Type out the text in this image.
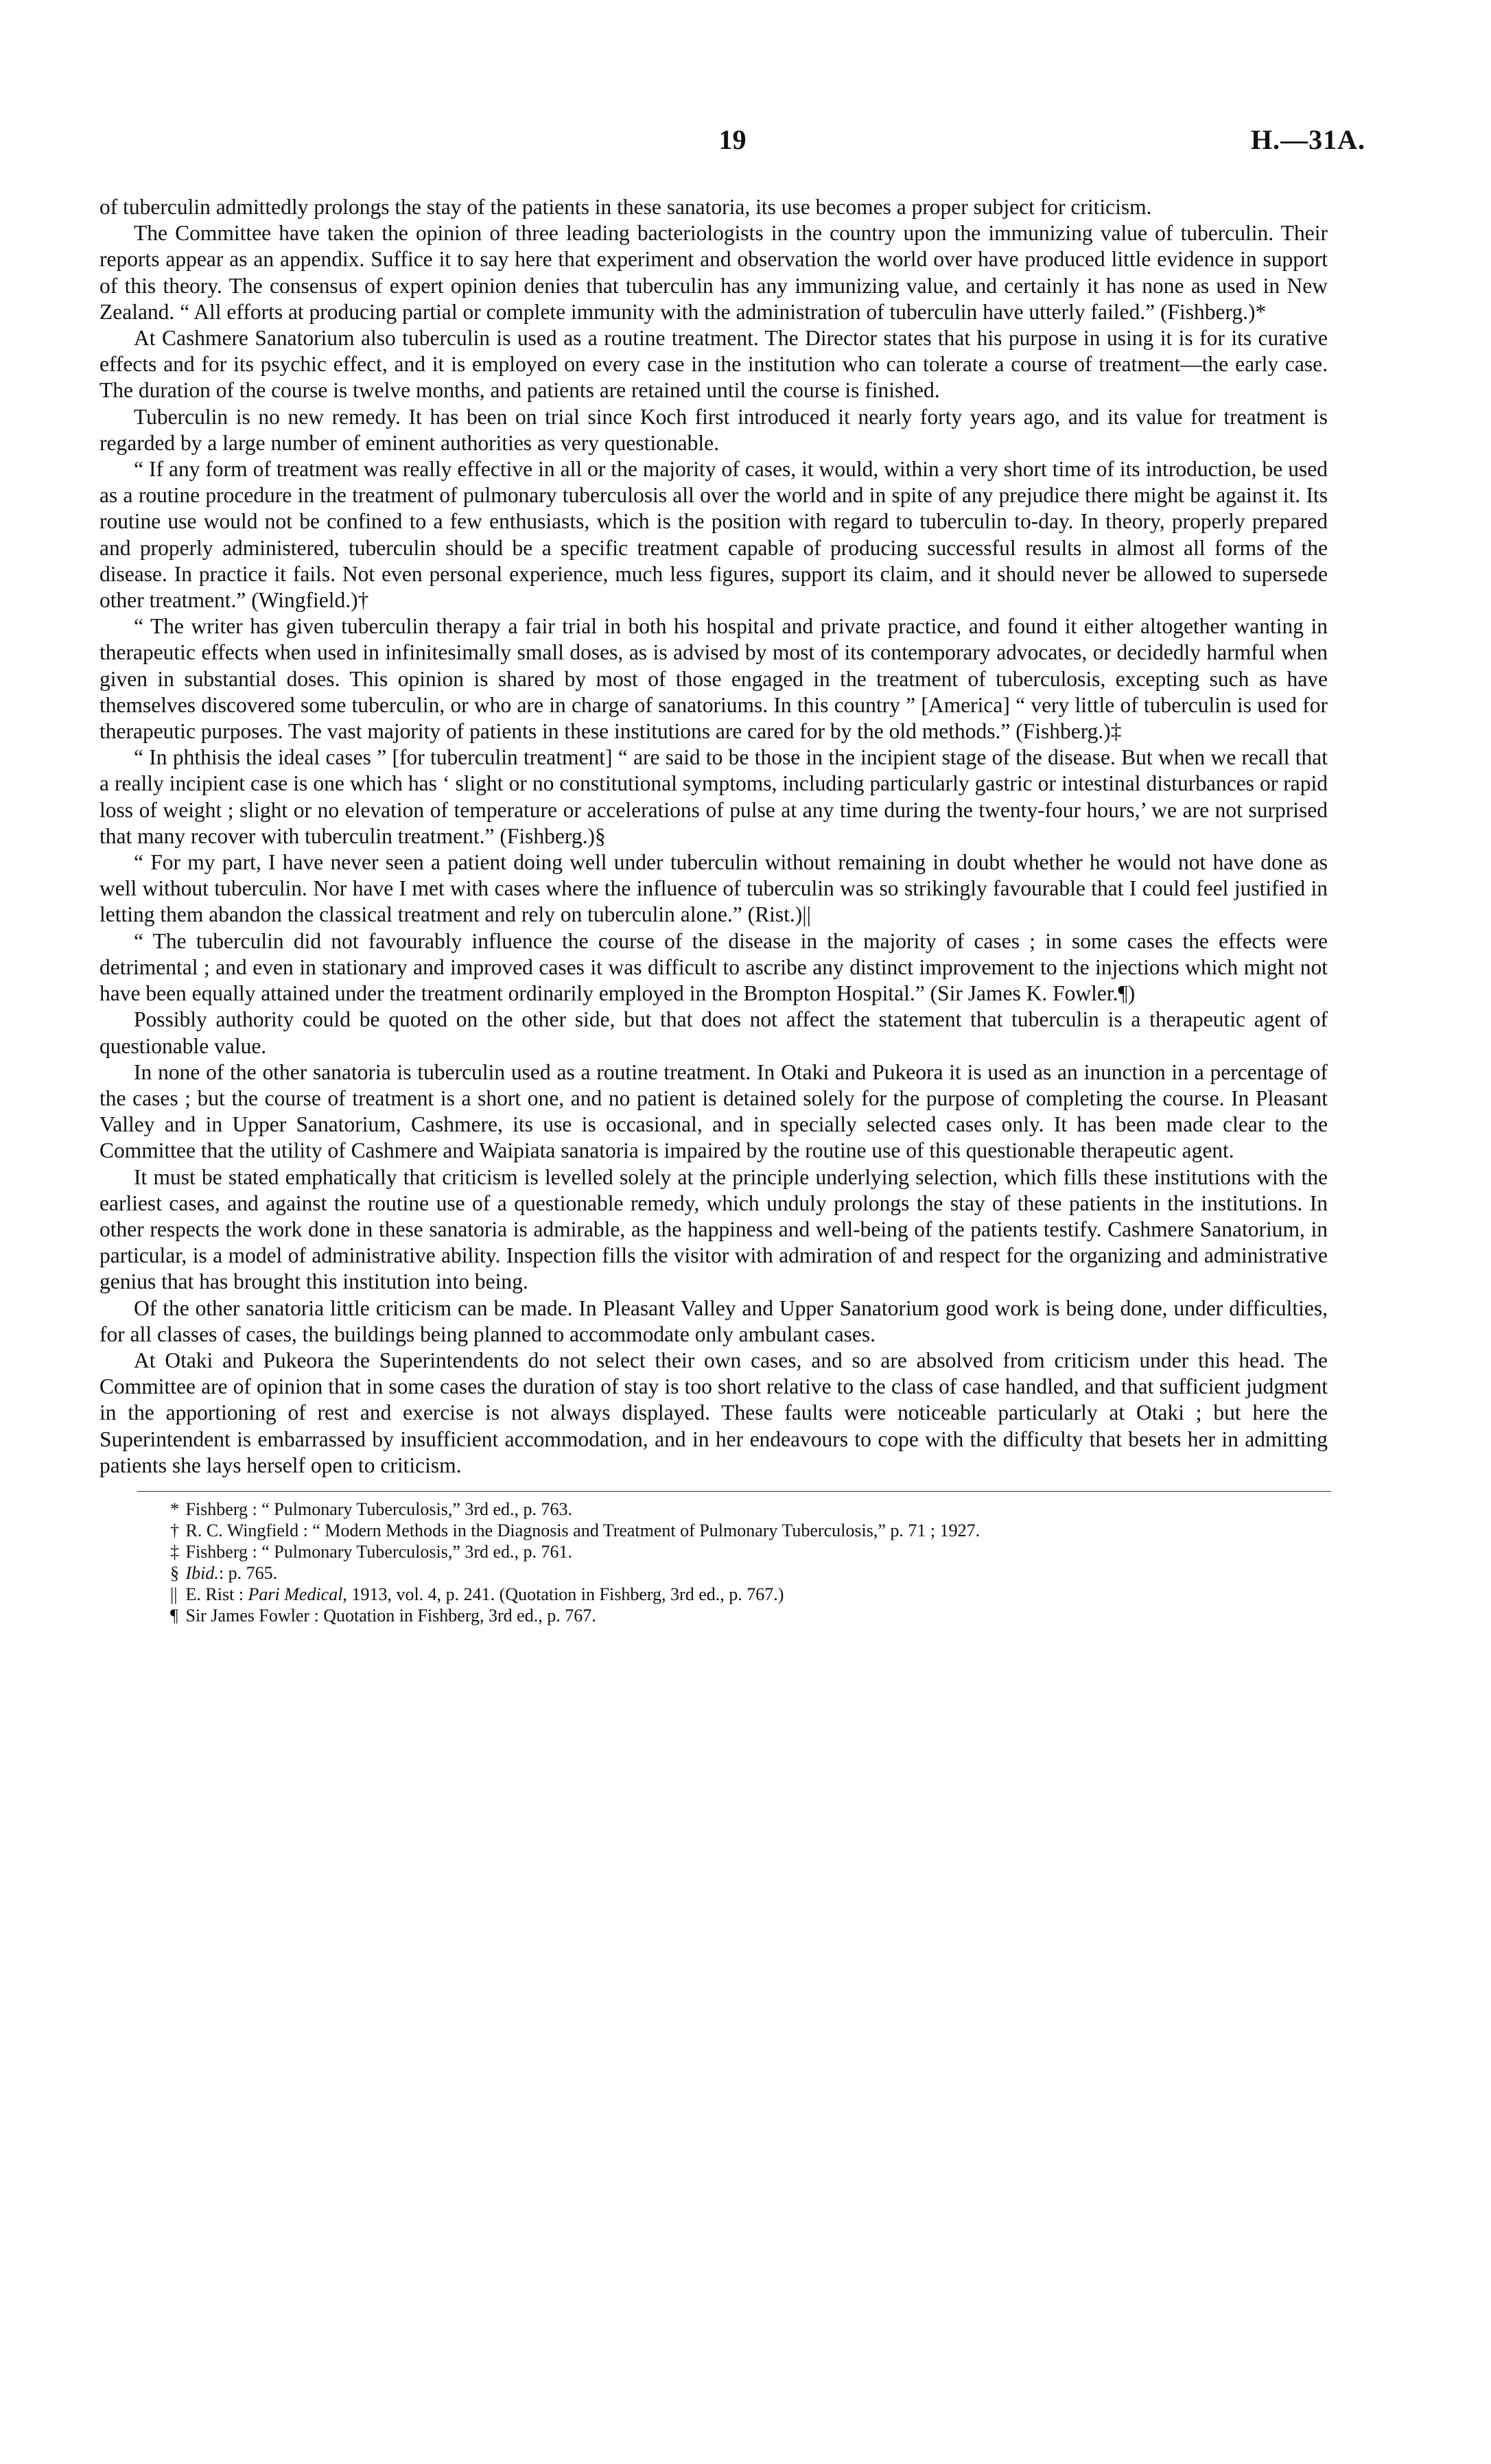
19	H.—31A.

of tuberculin admittedly prolongs the stay of the patients in these sanatoria, its use becomes a proper subject for criticism.

The Committee have taken the opinion of three leading bacteriologists in the country upon the immunizing value of tuberculin. Their reports appear as an appendix. Suffice it to say here that experiment and observation the world over have produced little evidence in support of this theory. The consensus of expert opinion denies that tuberculin has any immunizing value, and certainly it has none as used in New Zealand. “ All efforts at producing partial or complete immunity with the administration of tuberculin have utterly failed.” (Fishberg.)*

At Cashmere Sanatorium also tuberculin is used as a routine treatment. The Director states that his purpose in using it is for its curative effects and for its psychic effect, and it is employed on every case in the institution who can tolerate a course of treatment—the early case. The duration of the course is twelve months, and patients are retained until the course is finished.

Tuberculin is no new remedy. It has been on trial since Koch first introduced it nearly forty years ago, and its value for treatment is regarded by a large number of eminent authorities as very questionable.

“ If any form of treatment was really effective in all or the majority of cases, it would, within a very short time of its introduction, be used as a routine procedure in the treatment of pulmonary tuberculosis all over the world and in spite of any prejudice there might be against it. Its routine use would not be confined to a few enthusiasts, which is the position with regard to tuberculin to-day. In theory, properly prepared and properly administered, tuberculin should be a specific treatment capable of producing successful results in almost all forms of the disease. In practice it fails. Not even personal experience, much less figures, support its claim, and it should never be allowed to supersede other treatment.” (Wingfield.)†

“ The writer has given tuberculin therapy a fair trial in both his hospital and private practice, and found it either altogether wanting in therapeutic effects when used in infinitesimally small doses, as is advised by most of its contemporary advocates, or decidedly harmful when given in substantial doses. This opinion is shared by most of those engaged in the treatment of tuberculosis, excepting such as have themselves discovered some tuberculin, or who are in charge of sanatoriums. In this country ” [America] “ very little of tuberculin is used for therapeutic purposes. The vast majority of patients in these institutions are cared for by the old methods.” (Fishberg.)‡

“ In phthisis the ideal cases ” [for tuberculin treatment] “ are said to be those in the incipient stage of the disease. But when we recall that a really incipient case is one which has ‘ slight or no constitutional symptoms, including particularly gastric or intestinal disturbances or rapid loss of weight ; slight or no elevation of temperature or accelerations of pulse at any time during the twenty-four hours,’ we are not surprised that many recover with tuberculin treatment.” (Fishberg.)§

“ For my part, I have never seen a patient doing well under tuberculin without remaining in doubt whether he would not have done as well without tuberculin. Nor have I met with cases where the influence of tuberculin was so strikingly favourable that I could feel justified in letting them abandon the classical treatment and rely on tuberculin alone.” (Rist.)||

“ The tuberculin did not favourably influence the course of the disease in the majority of cases ; in some cases the effects were detrimental ; and even in stationary and improved cases it was difficult to ascribe any distinct improvement to the injections which might not have been equally attained under the treatment ordinarily employed in the Brompton Hospital.” (Sir James K. Fowler.¶)

Possibly authority could be quoted on the other side, but that does not affect the statement that tuberculin is a therapeutic agent of questionable value.

In none of the other sanatoria is tuberculin used as a routine treatment. In Otaki and Pukeora it is used as an inunction in a percentage of the cases ; but the course of treatment is a short one, and no patient is detained solely for the purpose of completing the course. In Pleasant Valley and in Upper Sanatorium, Cashmere, its use is occasional, and in specially selected cases only. It has been made clear to the Committee that the utility of Cashmere and Waipiata sanatoria is impaired by the routine use of this questionable therapeutic agent.

It must be stated emphatically that criticism is levelled solely at the principle underlying selection, which fills these institutions with the earliest cases, and against the routine use of a questionable remedy, which unduly prolongs the stay of these patients in the institutions. In other respects the work done in these sanatoria is admirable, as the happiness and well-being of the patients testify. Cashmere Sanatorium, in particular, is a model of administrative ability. Inspection fills the visitor with admiration of and respect for the organizing and administrative genius that has brought this institution into being.

Of the other sanatoria little criticism can be made. In Pleasant Valley and Upper Sanatorium good work is being done, under difficulties, for all classes of cases, the buildings being planned to accommodate only ambulant cases.

At Otaki and Pukeora the Superintendents do not select their own cases, and so are absolved from criticism under this head. The Committee are of opinion that in some cases the duration of stay is too short relative to the class of case handled, and that sufficient judgment in the apportioning of rest and exercise is not always displayed. These faults were noticeable particularly at Otaki ; but here the Superintendent is embarrassed by insufficient accommodation, and in her endeavours to cope with the difficulty that besets her in admitting patients she lays herself open to criticism.

* Fishberg : “ Pulmonary Tuberculosis,” 3rd ed., p. 763.
† R. C. Wingfield : “ Modern Methods in the Diagnosis and Treatment of Pulmonary Tuberculosis,” p. 71 ; 1927.
‡ Fishberg : “ Pulmonary Tuberculosis,” 3rd ed., p. 761.
§ Ibid.: p. 765.
|| E. Rist : Pari Medical, 1913, vol. 4, p. 241. (Quotation in Fishberg, 3rd ed., p. 767.)
¶ Sir James Fowler : Quotation in Fishberg, 3rd ed., p. 767.
